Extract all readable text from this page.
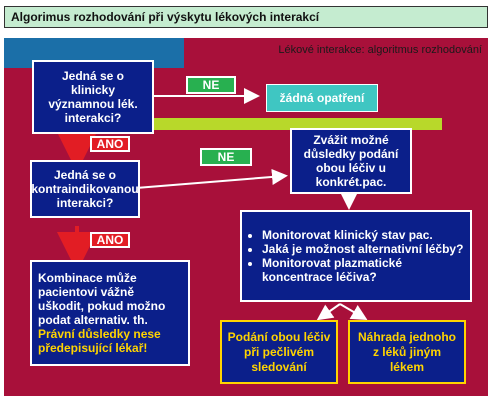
Algorimus rozhodování při výskytu lékových interakcí
Lékové interakce: algoritmus rozhodování
Jedná se o
klinicky
významnou lék.
interakci?
NE
žádná opatření
ANO
Jedná se o
kontraindikovanou
interakci?
NE
Zvážit možné
důsledky podání
obou léčiv u
konkrét.pac.
ANO
•	Monitorovat klinický stav pac.
• Jaká je možnost alternativní léčby?
• Monitorovat plazmatické koncentrace léčiva?
Kombinace může
pacientovi vážně
uškodit, pokud možno
podat alternativ. th.
Právní důsledky nese
předepisující lékař!
Podání obou léčiv
při pečlivém
sledování
Náhrada jednoho
z léků jiným
lékem
